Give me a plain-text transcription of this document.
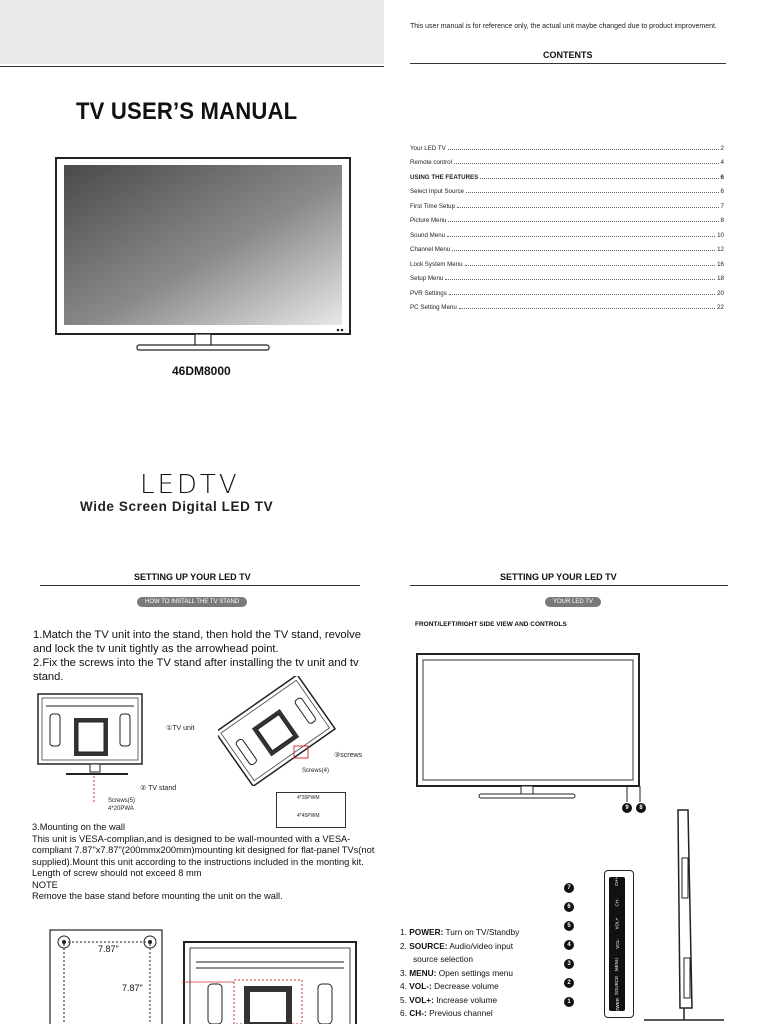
TV USER’S MANUAL
46DM8000
LEDTV
Wide Screen Digital LED TV
This user manual is for reference only, the actual unit maybe changed due to product improvement.
CONTENTS
Your LED TV	2
Remote control	4
USING THE FEATURES	6
Select Input Source	6
First Time Setup	7
Picture Menu	8
Sound Menu	10
Channel Menu	12
Lock System Menu	16
Setup Menu	18
PVR Settings	20
PC Setting Menu	22
SETTING UP YOUR LED TV
HOW TO INSTALL THE TV STAND
1.Match the TV unit into the stand, then hold the TV stand, revolve and lock the tv unit tightly as the arrowhead point.
2.Fix the screws into the TV stand after installing the tv unit and tv stand.
①TV unit
② TV stand
Screws(5)
4*20PWA
③screws
Screws(4)
4*35PWM
4*45PWM
3.Mounting on the wall
This unit is VESA-complian,and is designed to be wall-mounted with a VESA-compliant 7.87"x7.87"(200mmx200mm)mounting kit designed for flat-panel TVs(not supplied).Mount this unit according to the instructions included in the monting kit. Length of screw should not exceed 8 mm
NOTE
Remove the base stand before mounting the unit on the wall.
7.87"
7.87"
SETTING UP YOUR LED TV
YOUR LED TV
FRONT/LEFT/RIGHT SIDE VIEW AND CONTROLS
9	8
7
6
5
4
3
2
1
CH+
CH-
VOL+
VOL-
MENU
SOURCE
POWER
1. POWER: Turn on TV/Standby
2. SOURCE: Audio/video input
source selection
3. MENU: Open settings menu
4. VOL-: Decrease volume
5. VOL+: Increase volume
6. CH-: Previous channel
